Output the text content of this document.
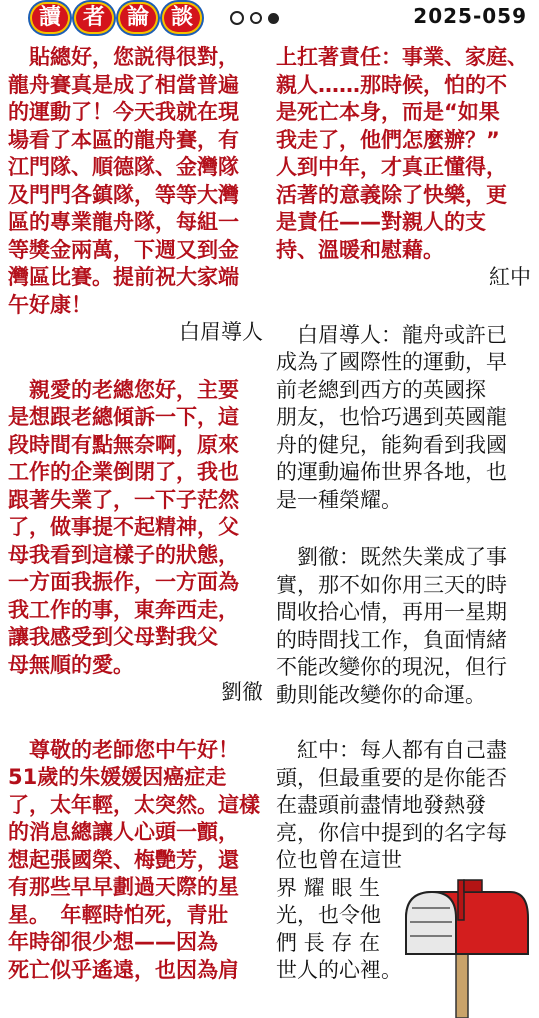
讀 者 論 談	2025-059

　貼總好，您説得很對，

龍舟賽真是成了相當普遍

的運動了！今天我就在現

場看了本區的龍舟賽，有

江門隊、順德隊、金灣隊

及門門各鎮隊，等等大灣

區的專業龍舟隊，每組一

等獎金兩萬，下週又到金

灣區比賽。提前祝大家端

午好康！

白眉導人

　親愛的老總您好，主要

是想跟老總傾訴一下，這

段時間有點無奈啊，原來

工作的企業倒閉了，我也

跟著失業了，一下子茫然

了，做事提不起精神，父

母我看到這樣子的狀態，

一方面我振作，一方面為

我工作的事，東奔西走，

讓我感受到父母對我父

母無順的愛。

劉徹

　尊敬的老師您中午好！

51歲的朱媛媛因癌症走

了，太年輕，太突然。這樣

的消息總讓人心頭一顫，

想起張國榮、梅艷芳，還

有那些早早劃過天際的星

星。　年輕時怕死，青壯

年時卻很少想——因為

死亡似乎遙遠，也因為肩

上扛著責任：事業、家庭、

親人……那時候，怕的不

是死亡本身，而是“如果

我走了，他們怎麼辦？”

人到中年，才真正懂得，

活著的意義除了快樂，更

是責任——對親人的支

持、溫暖和慰藉。

紅中

　白眉導人：龍舟或許已

成為了國際性的運動，早

前老總到西方的英國探

朋友，也恰巧遇到英國龍

舟的健兒，能夠看到我國

的運動遍佈世界各地，也

是一種榮耀。

　劉徹：既然失業成了事

實，那不如你用三天的時

間收拾心情，再用一星期

的時間找工作，負面情緒

不能改變你的現況，但行

動則能改變你的命運。

　紅中：每人都有自己盡

頭，但最重要的是你能否

在盡頭前盡情地發熱發

亮，你信中提到的名字每

位也曾在這世

界 耀 眼 生

光，也令他

們 長 存 在

世人的心裡。
